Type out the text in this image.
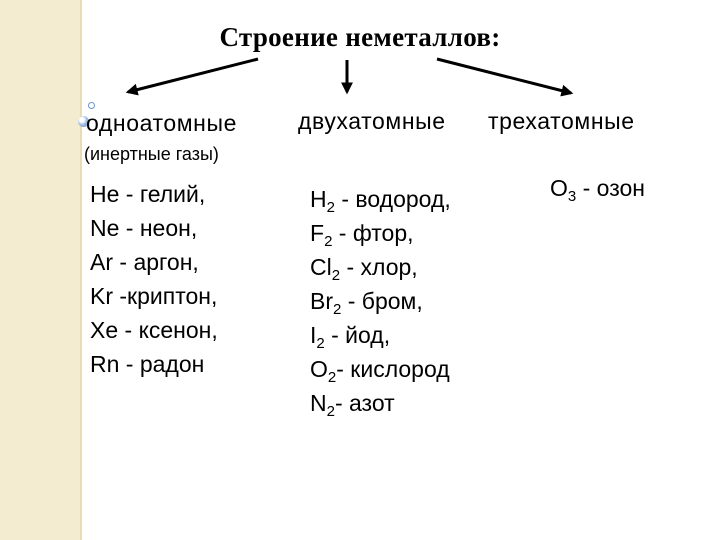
Строение неметаллов:
одноатомные
(инертные газы)
двухатомные трехатомные
He - гелий,
Ne - неон,
Ar - аргон,
Kr -криптон,
Xe - ксенон,
Rn - радон
$H_2$ - водород,
$F_2$ - фтор,
$Cl_2$ - хлор,
$Br_2$ - бром,
$I_2$ - йод,
$O_2-$ кислород
$N_2-$ азот
$O_3$ - озон
